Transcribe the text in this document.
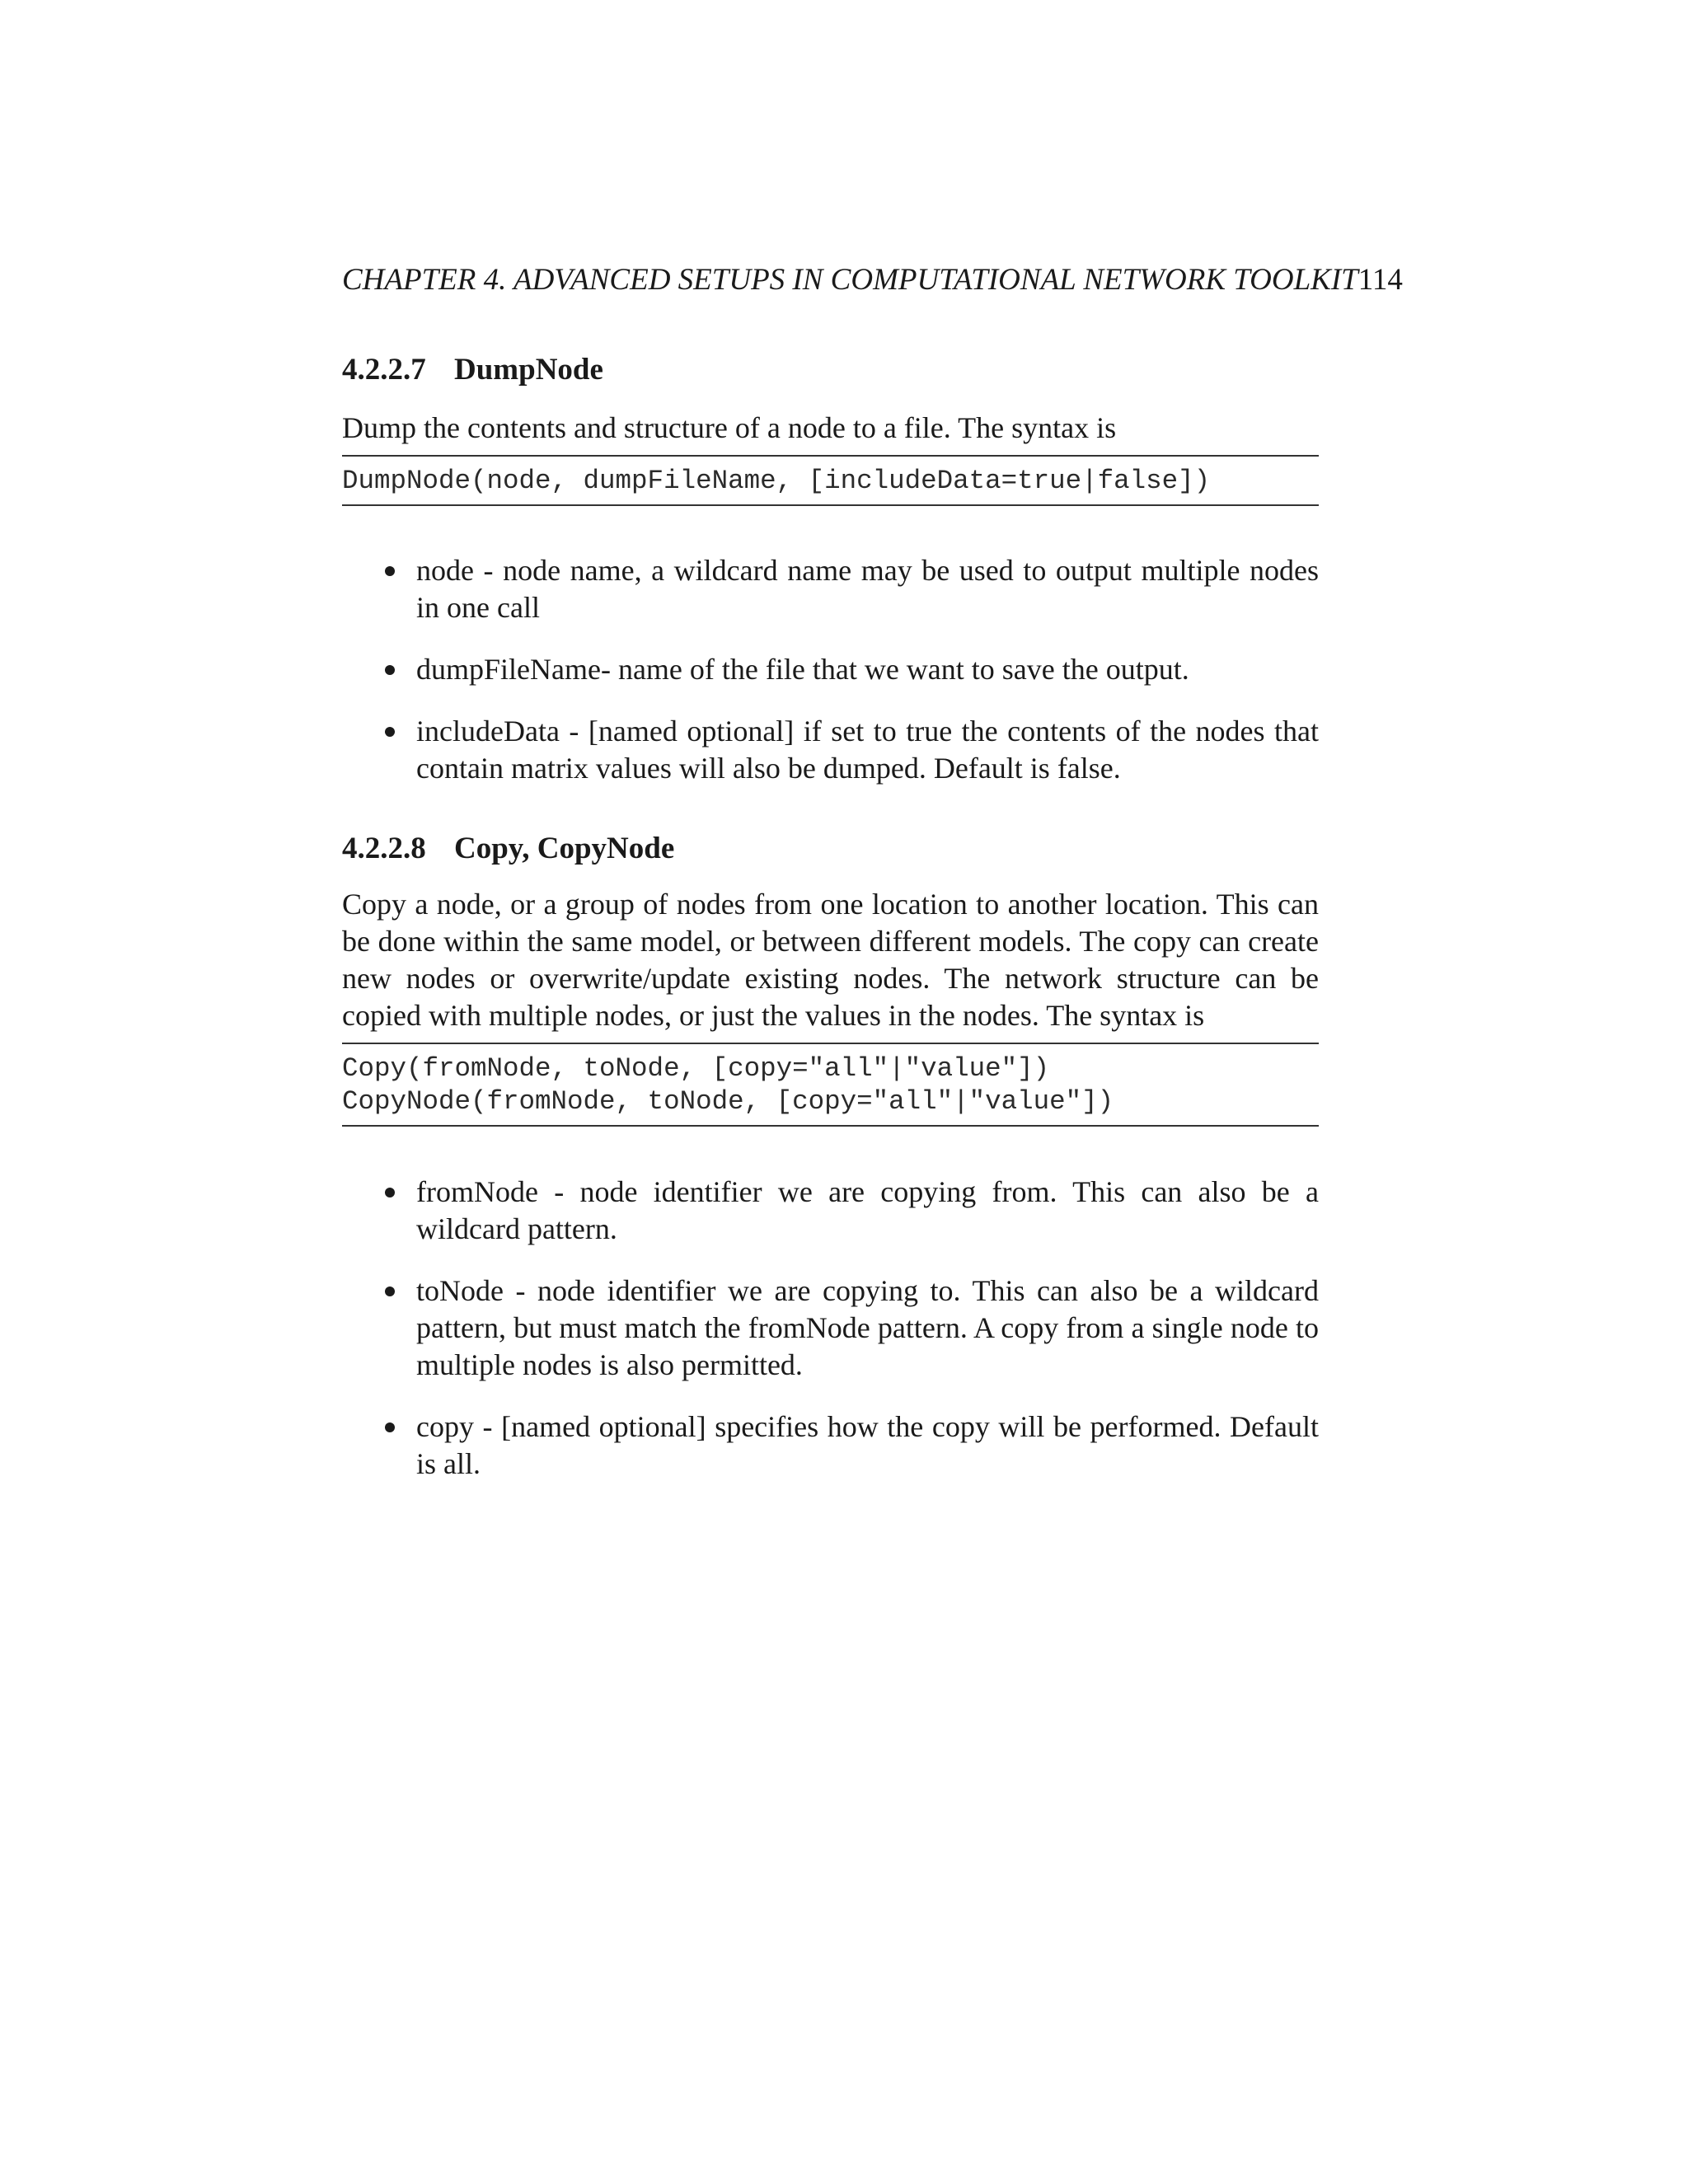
CHAPTER 4. ADVANCED SETUPS IN COMPUTATIONAL NETWORK TOOLKIT114
4.2.2.7 DumpNode

Dump the contents and structure of a node to a file. The syntax is

DumpNode(node, dumpFileName, [includeData=true|false])
node - node name, a wildcard name may be used to output multiple nodes in one call
dumpFileName- name of the file that we want to save the output.
includeData - [named optional] if set to true the contents of the nodes that contain matrix values will also be dumped. Default is false.
4.2.2.8 Copy, CopyNode

Copy a node, or a group of nodes from one location to another location. This can be done within the same model, or between different models. The copy can create new nodes or overwrite/update existing nodes. The network structure can be copied with multiple nodes, or just the values in the nodes. The syntax is

Copy(fromNode, toNode, [copy="all"|"value"])
CopyNode(fromNode, toNode, [copy="all"|"value"])
fromNode - node identifier we are copying from. This can also be a wildcard pattern.
toNode - node identifier we are copying to. This can also be a wildcard pattern, but must match the fromNode pattern. A copy from a single node to multiple nodes is also permitted.
copy - [named optional] specifies how the copy will be performed. Default is all.
